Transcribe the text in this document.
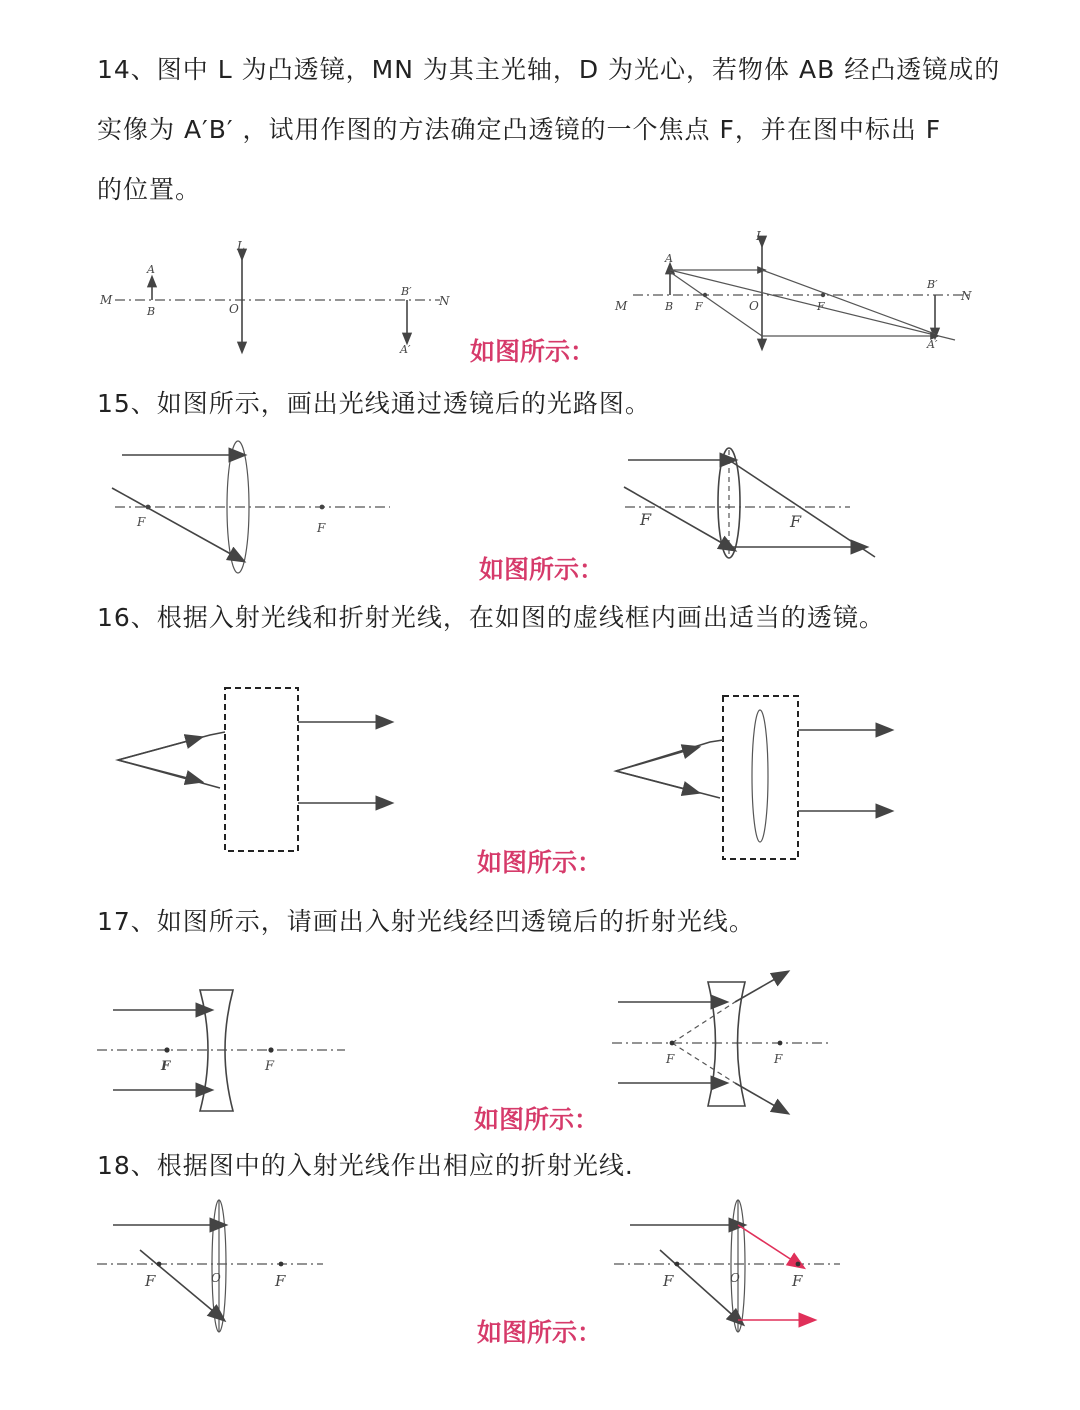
14、图中 L 为凸透镜，MN 为其主光轴，D 为光心，若物体 AB 经凸透镜成的

实像为 A′B′ ，试用作图的方法确定凸透镜的一个焦点 F，并在图中标出 F

的位置。

M	N
L
O
A
B
B′
A′
M
N
L
O
A
B
B′
A′
F	F
如图所示：

15、如图所示，画出光线通过透镜后的光路图。

F	F	F	F
如图所示：

16、根据入射光线和折射光线，在如图的虚线框内画出适当的透镜。

如图所示：

17、如图所示，请画出入射光线经凹透镜后的折射光线。

F	F	F	F
如图所示：

18、根据图中的入射光线作出相应的折射光线.

F	F
O	F	F
O
如图所示：
